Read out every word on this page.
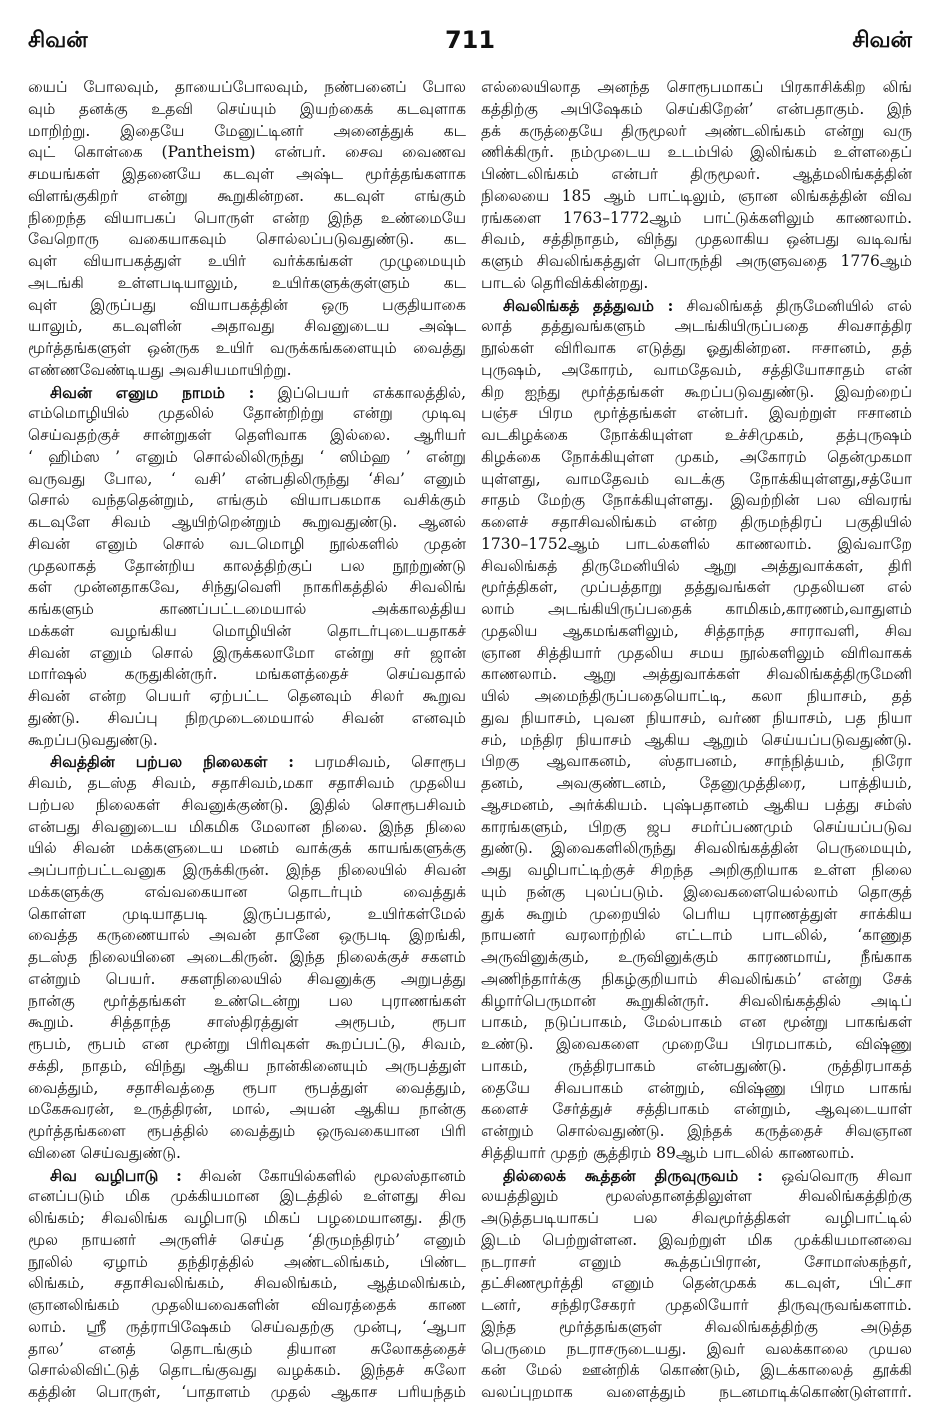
சிவன்	711	சிவன்
யைப் போலவும், தாயைப்போலவும், நண்பனைப் போல
வும் தனக்கு உதவி செய்யும் இயற்கைக் கடவுளாக
மாறிற்று. இதையே மேனுட்டினர் அனைத்துக் கட
வுட் கொள்கை (Pantheism) என்பர். சைவ வைணவ
சமயங்கள் இதனையே கடவுள் அஷ்ட மூர்த்தங்களாக
விளங்குகிறர் என்று கூறுகின்றன. கடவுள் எங்கும்
நிறைந்த வியாபகப் பொருள் என்ற இந்த உண்மையே
வேறொரு வகையாகவும் சொல்லப்படுவதுண்டு. கட
வுள் வியாபகத்துள் உயிர் வர்க்கங்கள் முழுமையும்
அடங்கி உள்ளபடியாலும், உயிர்களுக்குள்ளும் கட
வுள் இருப்பது வியாபகத்தின் ஒரு பகுதியாகை
யாலும், கடவுளின் அதாவது சிவனுடைய அஷ்ட
மூர்த்தங்களுள் ஒன்ருக உயிர் வருக்கங்களையும் வைத்து
எண்ணவேண்டியது அவசியமாயிற்று.
சிவன் எனும நாமம் : இப்பெயர் எக்காலத்தில்,
எம்மொழியில் முதலில் தோன்றிற்று என்று முடிவு
செய்வதற்குச் சான்றுகள் தெளிவாக இல்லை. ஆரியர்
‘ ஹிம்ஸ ’ எனும் சொல்லிலிருந்து ‘ ஸிம்ஹ ’ என்று
வருவது போல, ‘ வசி’ என்பதிலிருந்து ‘சிவ’ எனும்
சொல் வந்ததென்றும், எங்கும் வியாபகமாக வசிக்கும்
கடவுளே சிவம் ஆயிற்றென்றும் கூறுவதுண்டு. ஆனல்
சிவன் எனும் சொல் வடமொழி நூல்களில் முதன்
முதலாகத் தோன்றிய காலத்திற்குப் பல நூற்றுண்டு
கள் முன்னதாகவே, சிந்துவெளி நாகரிகத்தில் சிவலிங்
கங்களும் காணப்பட்டமையால் அக்காலத்திய
மக்கள் வழங்கிய மொழியின் தொடர்புடையதாகச்
சிவன் எனும் சொல் இருக்கலாமோ என்று சர் ஜான்
மார்ஷல் கருதுகின்ருர். மங்களத்தைச் செய்வதால்
சிவன் என்ற பெயர் ஏற்பட்ட தெனவும் சிலர் கூறுவ
துண்டு. சிவப்பு நிறமுடைமையால் சிவன் எனவும்
கூறப்படுவதுண்டு.
சிவத்தின் பற்பல நிலைகள் : பரமசிவம், சொரூப
சிவம், தடஸ்த சிவம், சதாசிவம்,மகா சதாசிவம் முதலிய
பற்பல நிலைகள் சிவனுக்குண்டு. இதில் சொரூபசிவம்
என்பது சிவனுடைய மிகமிக மேலான நிலை. இந்த நிலை
யில் சிவன் மக்களுடைய மனம் வாக்குக் காயங்களுக்கு
அப்பாற்பட்டவனுக இருக்கிருன். இந்த நிலையில் சிவன்
மக்களுக்கு எவ்வகையான தொடர்பும் வைத்துக்
கொள்ள முடியாதபடி இருப்பதால், உயிர்கள்மேல்
வைத்த கருணையால் அவன் தானே ஒருபடி இறங்கி,
தடஸ்த நிலையினை அடைகிருன். இந்த நிலைக்குச் சகளம்
என்றும் பெயர். சகளநிலையில் சிவனுக்கு அறுபத்து
நான்கு மூர்த்தங்கள் உண்டென்று பல புராணங்கள்
கூறும். சித்தாந்த சாஸ்திரத்துள் அரூபம், ரூபா
ரூபம், ரூபம் என மூன்று பிரிவுகள் கூறப்பட்டு, சிவம்,
சக்தி, நாதம், விந்து ஆகிய நான்கினையும் அருபத்துள்
வைத்தும், சதாசிவத்தை ரூபா ரூபத்துள் வைத்தும்,
மகேசுவரன், உருத்திரன், மால், அயன் ஆகிய நான்கு
மூர்த்தங்களை ரூபத்தில் வைத்தும் ஒருவகையான பிரி
வினை செய்வதுண்டு.
சிவ வழிபாடு : சிவன் கோயில்களில் மூலஸ்தானம்
எனப்படும் மிக முக்கியமான இடத்தில் உள்ளது சிவ
லிங்கம்; சிவலிங்க வழிபாடு மிகப் பழமையானது. திரு
மூல நாயனர் அருளிச் செய்த ‘திருமந்திரம்’ எனும்
நூலில் ஏழாம் தந்திரத்தில் அண்டலிங்கம், பிண்ட
லிங்கம், சதாசிவலிங்கம், சிவலிங்கம், ஆத்மலிங்கம்,
ஞானலிங்கம் முதலியவைகளின் விவரத்தைக் காண
லாம். ஸ்ரீ ருத்ராபிஷேகம் செய்வதற்கு முன்பு, ‘ஆபா
தால’ எனத் தொடங்கும் தியான சுலோகத்தைச்
சொல்லிவிட்டுத் தொடங்குவது வழக்கம். இந்தச் சுலோ
கத்தின் பொருள், ‘பாதாளம் முதல் ஆகாச பரியந்தம்
எல்லையிலாத அனந்த சொரூபமாகப் பிரகாசிக்கிற லிங்
கத்திற்கு அபிஷேகம் செய்கிறேன்’ என்பதாகும். இந்
தக் கருத்தையே திருமூலர் அண்டலிங்கம் என்று வரு
ணிக்கிருர். நம்முடைய உடம்பில் இலிங்கம் உள்ளதைப்
பிண்டலிங்கம் என்பர் திருமூலர். ஆத்மலிங்கத்தின்
நிலையை 185 ஆம் பாட்டிலும், ஞான லிங்கத்தின் விவ
ரங்களை 1763–1772ஆம் பாட்டுக்களிலும் காணலாம்.
சிவம், சத்திநாதம், விந்து முதலாகிய ஒன்பது வடிவங்
களும் சிவலிங்கத்துள் பொருந்தி அருளுவதை 1776ஆம்
பாடல் தெரிவிக்கின்றது.
சிவலிங்கத் தத்துவம் : சிவலிங்கத் திருமேனியில் எல்
லாத் தத்துவங்களும் அடங்கியிருப்பதை சிவசாத்திர
நூல்கள் விரிவாக எடுத்து ஓதுகின்றன. ஈசானம், தத்
புருஷம், அகோரம், வாமதேவம், சத்தியோசாதம் என்
கிற ஐந்து மூர்த்தங்கள் கூறப்படுவதுண்டு. இவற்றைப்
பஞ்ச பிரம மூர்த்தங்கள் என்பர். இவற்றுள் ஈசானம்
வடகிழக்கை நோக்கியுள்ள உச்சிமுகம், தத்புருஷம்
கிழக்கை நோக்கியுள்ள முகம், அகோரம் தென்முகமா
யுள்ளது, வாமதேவம் வடக்கு நோக்கியுள்ளது,சத்யோ
சாதம் மேற்கு நோக்கியுள்ளது. இவற்றின் பல விவரங்
களைச் சதாசிவலிங்கம் என்ற திருமந்திரப் பகுதியில்
1730–1752ஆம் பாடல்களில் காணலாம். இவ்வாறே
சிவலிங்கத் திருமேனியில் ஆறு அத்துவாக்கள், திரி
மூர்த்திகள், முப்பத்தாறு தத்துவங்கள் முதலியன எல்
லாம் அடங்கியிருப்பதைக் காமிகம்,காரணம்,வாதுளம்
முதலிய ஆகமங்களிலும், சித்தாந்த சாராவளி, சிவ
ஞான சித்தியார் முதலிய சமய நூல்களிலும் விரிவாகக்
காணலாம். ஆறு அத்துவாக்கள் சிவலிங்கத்திருமேனி
யில் அமைந்திருப்பதையொட்டி, கலா நியாசம், தத்
துவ நியாசம், புவன நியாசம், வர்ண நியாசம், பத நியா
சம், மந்திர நியாசம் ஆகிய ஆறும் செய்யப்படுவதுண்டு.
பிறகு ஆவாகனம், ஸ்தாபனம், சாந்நித்யம், நிரோ
தனம், அவகுண்டனம், தேனுமுத்திரை, பாத்தியம்,
ஆசமனம், அர்க்கியம். புஷ்பதானம் ஆகிய பத்து சம்ஸ்
காரங்களும், பிறகு ஜப சமர்ப்பணமும் செய்யப்படுவ
துண்டு. இவைகளிலிருந்து சிவலிங்கத்தின் பெருமையும்,
அது வழிபாட்டிற்குச் சிறந்த அறிகுறியாக உள்ள நிலை
யும் நன்கு புலப்படும். இவைகளையெல்லாம் தொகுத்
துக் கூறும் முறையில் பெரிய புராணத்துள் சாக்கிய
நாயனர் வரலாற்றில் எட்டாம் பாடலில், ‘காணுத
அருவினுக்கும், உருவினுக்கும் காரணமாய், நீங்காக
அணிந்தார்க்கு நிகழ்குறியாம் சிவலிங்கம்’ என்று சேக்
கிழார்பெருமான் கூறுகின்ருர். சிவலிங்கத்தில் அடிப்
பாகம், நடுப்பாகம், மேல்பாகம் என மூன்று பாகங்கள்
உண்டு. இவைகளை முறையே பிரமபாகம், விஷ்ணு
பாகம், ருத்திரபாகம் என்பதுண்டு. ருத்திரபாகத்
தையே சிவபாகம் என்றும், விஷ்ணு பிரம பாகங்
களைச் சேர்த்துச் சத்திபாகம் என்றும், ஆவுடையாள்
என்றும் சொல்வதுண்டு. இந்தக் கருத்தைச் சிவஞான
சித்தியார் முதற் சூத்திரம் 89ஆம் பாடலில் காணலாம்.
தில்லைக் கூத்தன் திருவுருவம் : ஒவ்வொரு சிவா
லயத்திலும் மூலஸ்தானத்திலுள்ள சிவலிங்கத்திற்கு
அடுத்தபடியாகப் பல சிவமூர்த்திகள் வழிபாட்டில்
இடம் பெற்றுள்ளன. இவற்றுள் மிக முக்கியமானவை
நடராசர் எனும் கூத்தப்பிரான், சோமாஸ்கந்தர்,
தட்சிணமூர்த்தி எனும் தென்முகக் கடவுள், பிட்சா
டனர், சந்திரசேகரர் முதலியோர் திருவுருவங்களாம்.
இந்த மூர்த்தங்களுள் சிவலிங்கத்திற்கு அடுத்த
பெருமை நடராசருடையது. இவர் வலக்காலை முயல
கன் மேல் ஊன்றிக் கொண்டும், இடக்காலைத் தூக்கி
வலப்புறமாக வளைத்தும் நடனமாடிக்கொண்டுள்ளார்.
